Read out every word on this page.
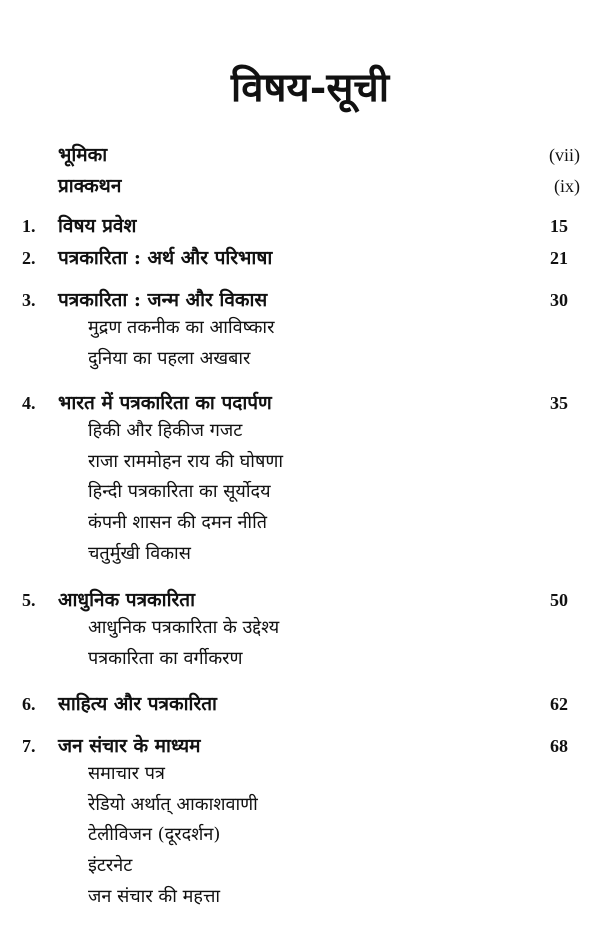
विषय-सूची
भूमिका	(vii)
प्राक्कथन	(ix)
1. विषय प्रवेश	15
2. पत्रकारिता : अर्थ और परिभाषा	21
3. पत्रकारिता : जन्म और विकास	30
मुद्रण तकनीक का आविष्कार
दुनिया का पहला अखबार
4. भारत में पत्रकारिता का पदार्पण	35
हिकी और हिकीज गजट
राजा राममोहन राय की घोषणा
हिन्दी पत्रकारिता का सूर्योदय
कंपनी शासन की दमन नीति
चतुर्मुखी विकास
5. आधुनिक पत्रकारिता	50
आधुनिक पत्रकारिता के उद्देश्य
पत्रकारिता का वर्गीकरण
6. साहित्य और पत्रकारिता	62
7. जन संचार के माध्यम	68
समाचार पत्र
रेडियो अर्थात् आकाशवाणी
टेलीविजन (दूरदर्शन)
इंटरनेट
जन संचार की महत्ता
